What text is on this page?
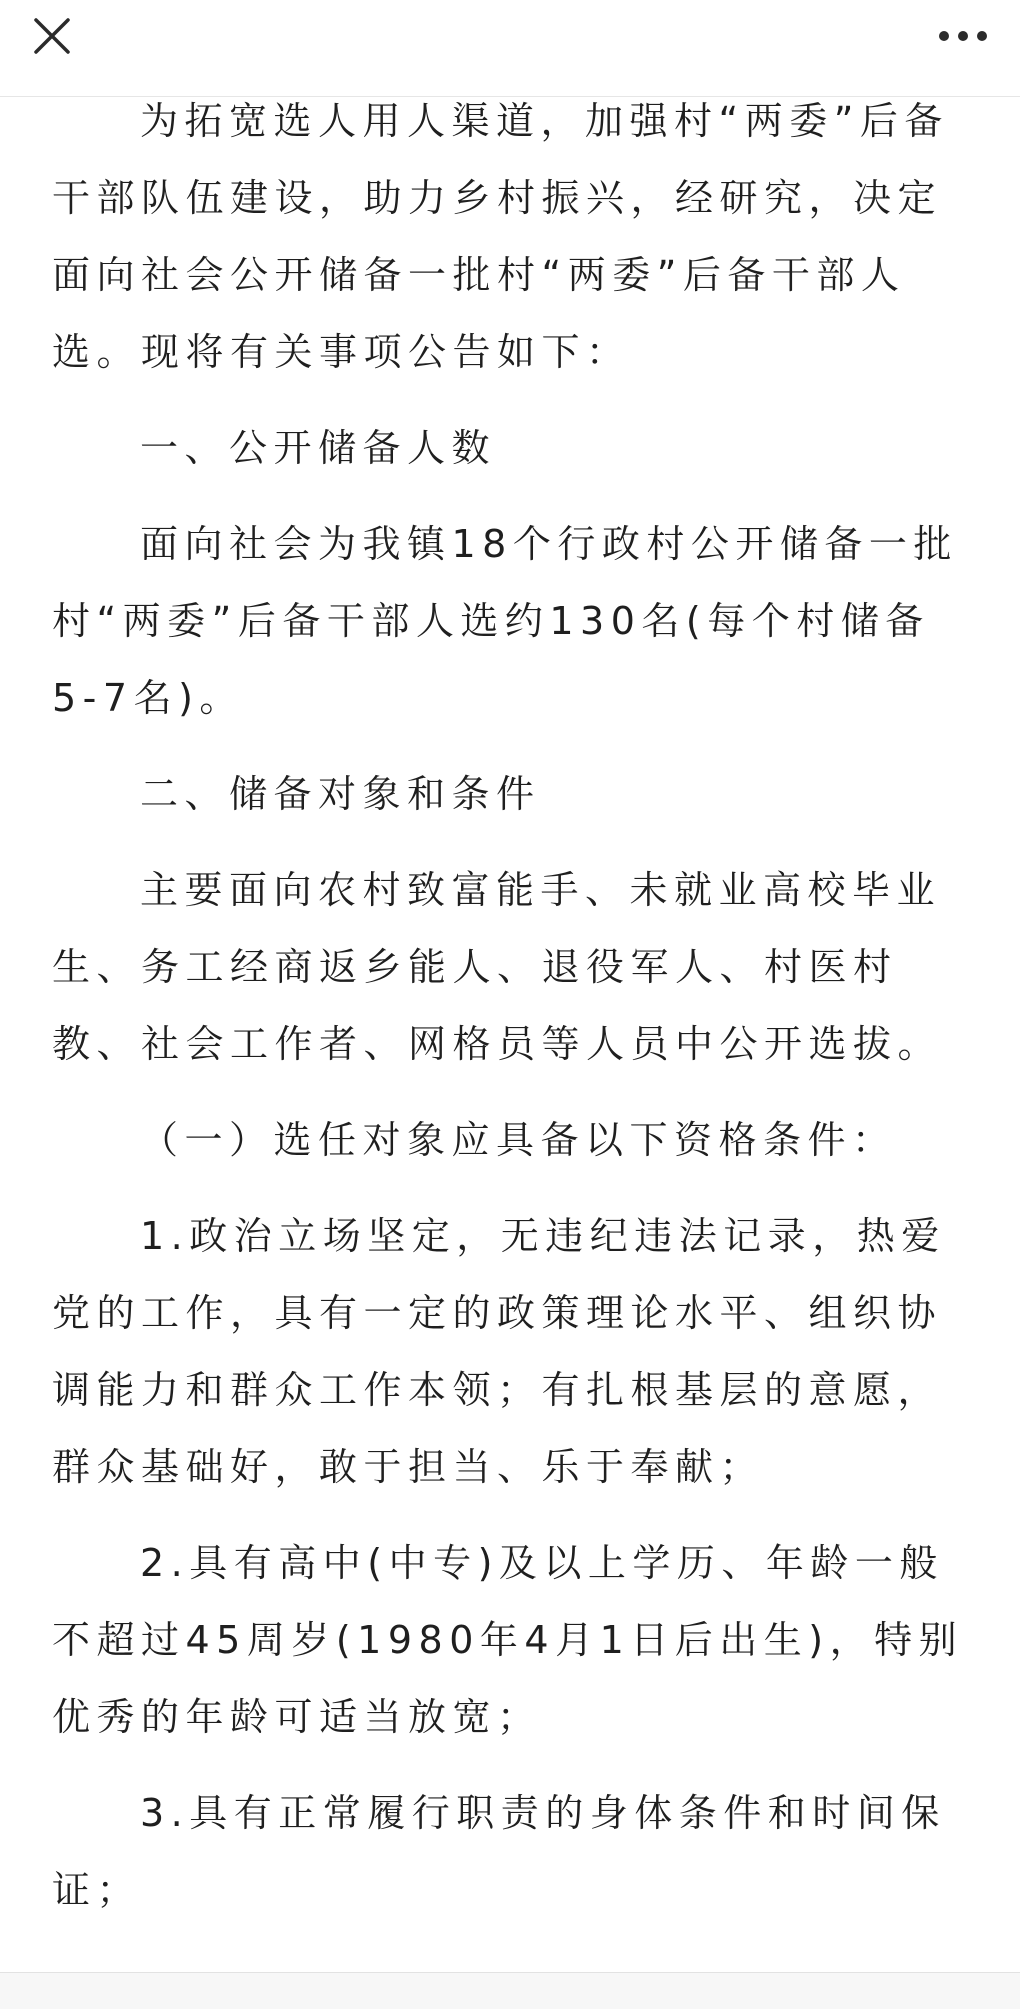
为拓宽选人用人渠道，加强村“两委”后备干部队伍建设，助力乡村振兴，经研究，决定面向社会公开储备一批村“两委”后备干部人选。现将有关事项公告如下：

一、公开储备人数

面向社会为我镇18个行政村公开储备一批村“两委”后备干部人选约130名(每个村储备5-7名)。

二、储备对象和条件

主要面向农村致富能手、未就业高校毕业生、务工经商返乡能人、退役军人、村医村教、社会工作者、网格员等人员中公开选拔。

（一）选任对象应具备以下资格条件：

1.政治立场坚定，无违纪违法记录，热爱党的工作，具有一定的政策理论水平、组织协调能力和群众工作本领；有扎根基层的意愿，群众基础好，敢于担当、乐于奉献；

2.具有高中(中专)及以上学历、年龄一般不超过45周岁(1980年4月1日后出生)，特别优秀的年龄可适当放宽；

3.具有正常履行职责的身体条件和时间保证；
